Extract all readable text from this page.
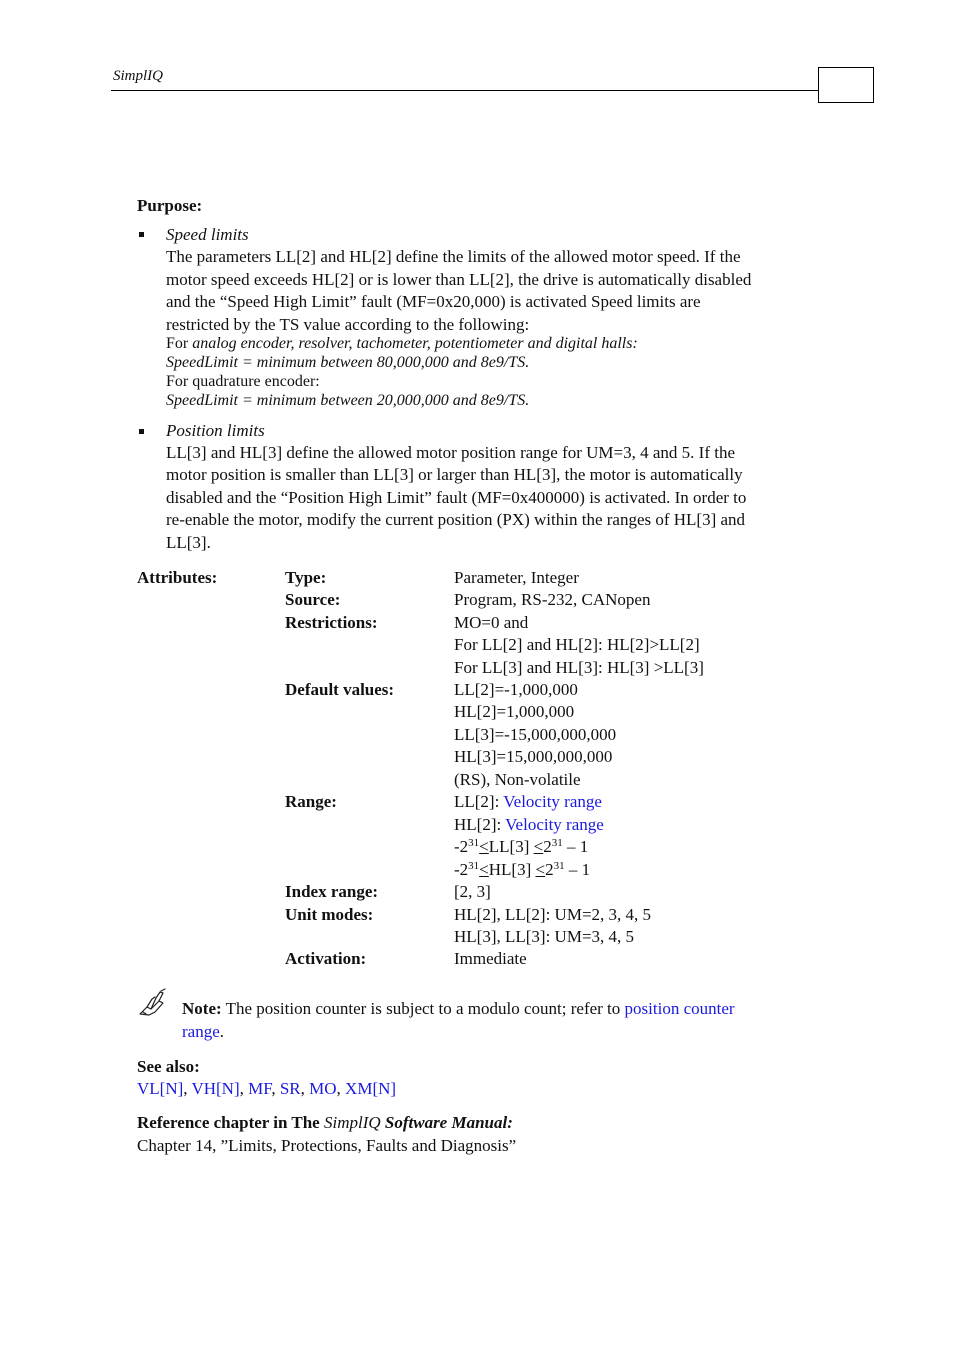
SimplIQ
Purpose:
Speed limits
The parameters LL[2] and HL[2] define the limits of the allowed motor speed. If the
motor speed exceeds HL[2] or is lower than LL[2], the drive is automatically disabled
and the “Speed High Limit” fault (MF=0x20,000) is activated Speed limits are
restricted by the TS value according to the following:
For analog encoder, resolver, tachometer, potentiometer and digital halls:
SpeedLimit = minimum between 80,000,000 and 8e9/TS.
For quadrature encoder:
SpeedLimit = minimum between 20,000,000 and 8e9/TS.
Position limits
LL[3] and HL[3] define the allowed motor position range for UM=3, 4 and 5. If the
motor position is smaller than LL[3] or larger than HL[3], the motor is automatically
disabled and the “Position High Limit” fault (MF=0x400000) is activated. In order to
re-enable the motor, modify the current position (PX) within the ranges of HL[3] and
LL[3].
Attributes:	Type:	Parameter, Integer
Source:	Program, RS-232, CANopen
Restrictions:	MO=0 and
For LL[2] and HL[2]: HL[2]>LL[2]
For LL[3] and HL[3]: HL[3] >LL[3]
Default values:	LL[2]=-1,000,000
HL[2]=1,000,000
LL[3]=-15,000,000,000
HL[3]=15,000,000,000
(RS), Non-volatile
Range:	LL[2]: Velocity range
HL[2]: Velocity range
$-2^{31}<LL[3] <2^{31} - 1$
$-2^{31}<HL[3] <2^{31} - 1$
Index range:	[2, 3]
Unit modes:	HL[2], LL[2]: UM=2, 3, 4, 5
HL[3], LL[3]: UM=3, 4, 5
Activation:	Immediate
Note: The position counter is subject to a modulo count; refer to position counter
range.
See also:
VL[N], VH[N], MF, SR, MO, XM[N]
Reference chapter in The SimplIQ Software Manual:
Chapter 14, ”Limits, Protections, Faults and Diagnosis”
